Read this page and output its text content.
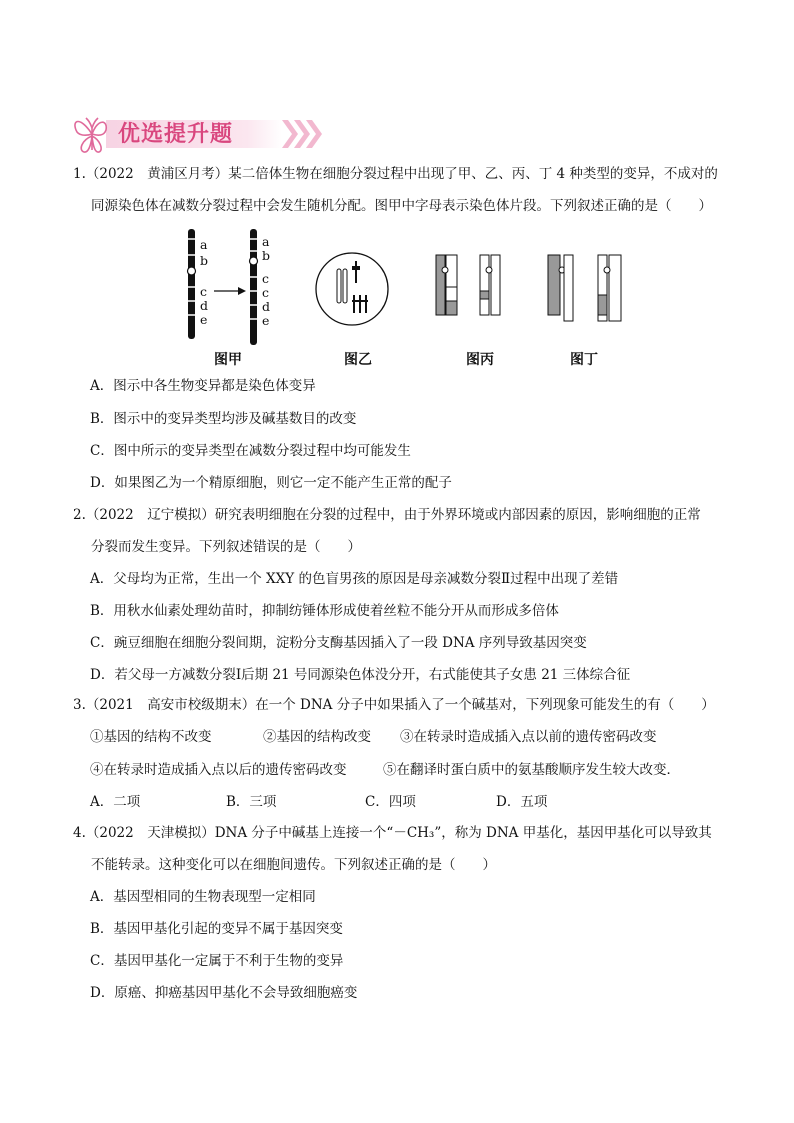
优选提升题
1.（2022　黄浦区月考）某二倍体生物在细胞分裂过程中出现了甲、乙、丙、丁 4 种类型的变异，不成对的
同源染色体在减数分裂过程中会发生随机分配。图甲中字母表示染色体片段。下列叙述正确的是（　　）
a
b
c
d
e
a
b
c
c
d
e
图甲	图乙	图丙	图丁
A．图示中各生物变异都是染色体变异
B．图示中的变异类型均涉及碱基数目的改变
C．图中所示的变异类型在减数分裂过程中均可能发生
D．如果图乙为一个精原细胞，则它一定不能产生正常的配子
2.（2022　辽宁模拟）研究表明细胞在分裂的过程中，由于外界环境或内部因素的原因，影响细胞的正常
分裂而发生变异。下列叙述错误的是（　　）
A．父母均为正常，生出一个 XXY 的色盲男孩的原因是母亲减数分裂Ⅱ过程中出现了差错
B．用秋水仙素处理幼苗时，抑制纺锤体形成使着丝粒不能分开从而形成多倍体
C．豌豆细胞在细胞分裂间期，淀粉分支酶基因插入了一段 DNA 序列导致基因突变
D．若父母一方减数分裂Ⅰ后期 21 号同源染色体没分开，右式能使其子女患 21 三体综合征
3.（2021　高安市校级期末）在一个 DNA 分子中如果插入了一个碱基对，下列现象可能发生的有（　　）
①基因的结构不改变	②基因的结构改变 ③在转录时造成插入点以前的遗传密码改变
④在转录时造成插入点以后的遗传密码改变	⑤在翻译时蛋白质中的氨基酸顺序发生较大改变．
A．二项	B．三项	C．四项	D．五项
4.（2022　天津模拟）DNA 分子中碱基上连接一个“－CH₃”，称为 DNA 甲基化，基因甲基化可以导致其
不能转录。这种变化可以在细胞间遗传。下列叙述正确的是（　　）
A．基因型相同的生物表现型一定相同
B．基因甲基化引起的变异不属于基因突变
C．基因甲基化一定属于不利于生物的变异
D．原癌、抑癌基因甲基化不会导致细胞癌变
